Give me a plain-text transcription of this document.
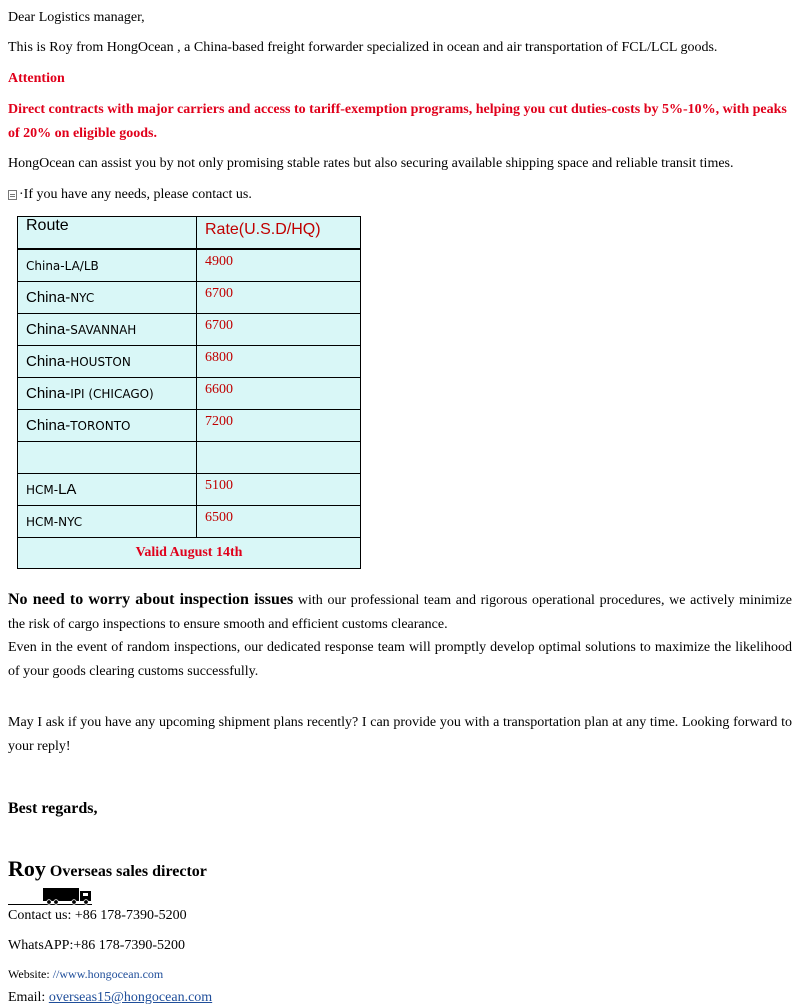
Dear Logistics manager,

This is Roy from HongOcean , a China-based freight forwarder specialized in ocean and air transportation of FCL/LCL goods.

Attention

Direct contracts with major carriers and access to tariff-exemption programs, helping you cut duties-costs by 5%-10%, with peaks of 20% on eligible goods.

HongOcean can assist you by not only promising stable rates but also securing available shipping space and reliable transit times.

·If you have any needs, please contact us.

Route	Rate(U.S.D/HQ)
China-LA/LB	4900
China-NYC	6700
China-SAVANNAH	6700
China-HOUSTON	6800
China-IPI (CHICAGO)	6600
China-TORONTO	7200

HCM-LA	5100
HCM-NYC	6500
Valid August 14th	

No need to worry about inspection issues with our professional team and rigorous operational procedures, we actively minimize the risk of cargo inspections to ensure smooth and efficient customs clearance.

Even in the event of random inspections, our dedicated response team will promptly develop optimal solutions to maximize the likelihood of your goods clearing customs successfully.

May I ask if you have any upcoming shipment plans recently? I can provide you with a transportation plan at any time. Looking forward to your reply!

Best regards,

Roy Overseas sales director

Contact us: +86 178-7390-5200

WhatsAPP:+86 178-7390-5200

Website: //www.hongocean.com

Email: overseas15@hongocean.com
